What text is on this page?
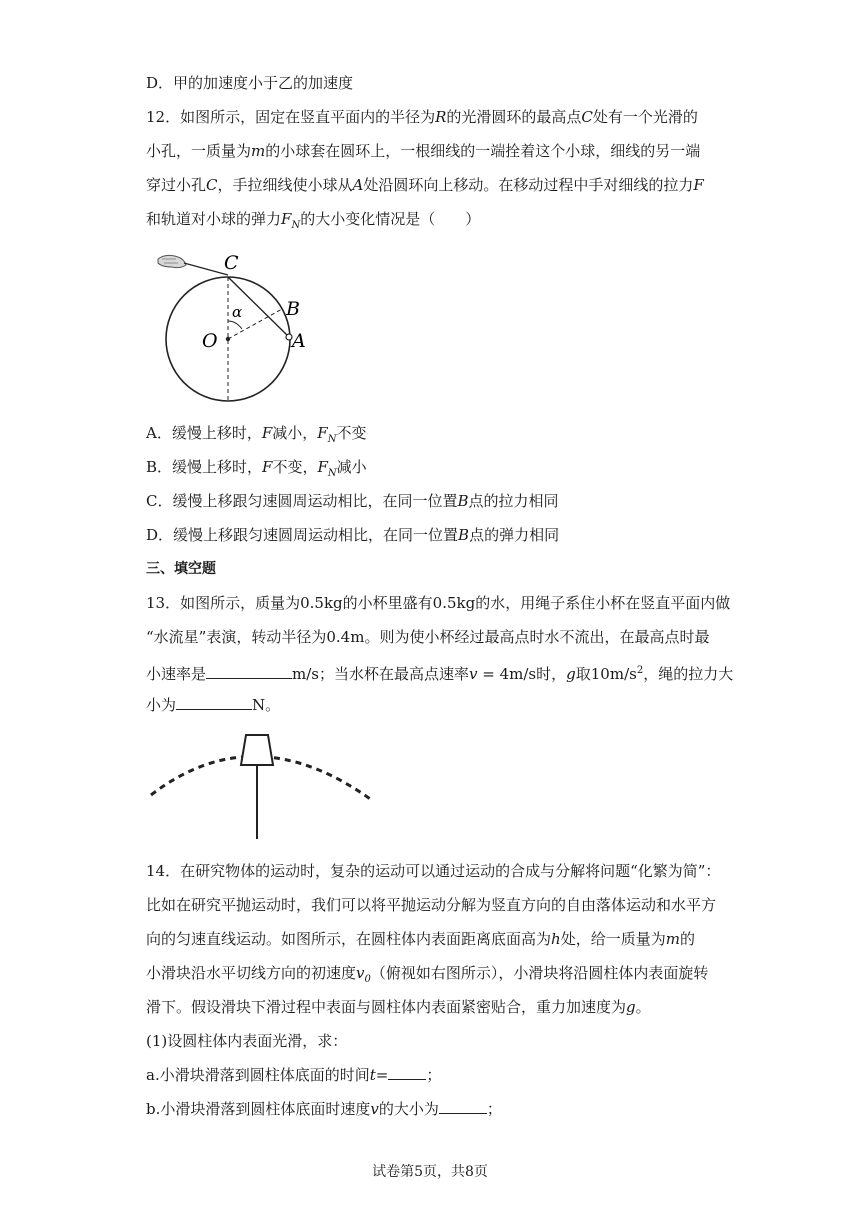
D．甲的加速度小于乙的加速度
12．如图所示，固定在竖直平面内的半径为R的光滑圆环的最高点C处有一个光滑的
小孔，一质量为m的小球套在圆环上，一根细线的一端拴着这个小球，细线的另一端
穿过小孔C，手拉细线使小球从A处沿圆环向上移动。在移动过程中手对细线的拉力F
和轨道对小球的弹力$F_N$的大小变化情况是（　　）
C
B
O	A
α
A．缓慢上移时，F减小，$F_N$不变
B．缓慢上移时，F不变，$F_N$减小
C．缓慢上移跟匀速圆周运动相比，在同一位置B点的拉力相同
D．缓慢上移跟匀速圆周运动相比，在同一位置B点的弹力相同
三、填空题
13．如图所示，质量为0.5kg的小杯里盛有0.5kg的水，用绳子系住小杯在竖直平面内做
“水流星”表演，转动半径为0.4m。则为使小杯经过最高点时水不流出，在最高点时最
小速率是	m/s；当水杯在最高点速率v = 4m/s时，g取$10m/s^2$，绳的拉力大
小为	N。
14．在研究物体的运动时，复杂的运动可以通过运动的合成与分解将问题“化繁为简”：
比如在研究平抛运动时，我们可以将平抛运动分解为竖直方向的自由落体运动和水平方
向的匀速直线运动。如图所示，在圆柱体内表面距离底面高为h处，给一质量为m的
小滑块沿水平切线方向的初速度$v_0$（俯视如右图所示），小滑块将沿圆柱体内表面旋转
滑下。假设滑块下滑过程中表面与圆柱体内表面紧密贴合，重力加速度为g。
(1)设圆柱体内表面光滑，求：
a.小滑块滑落到圆柱体底面的时间t=	；
b.小滑块滑落到圆柱体底面时速度v的大小为	；
试卷第5页，共8页
